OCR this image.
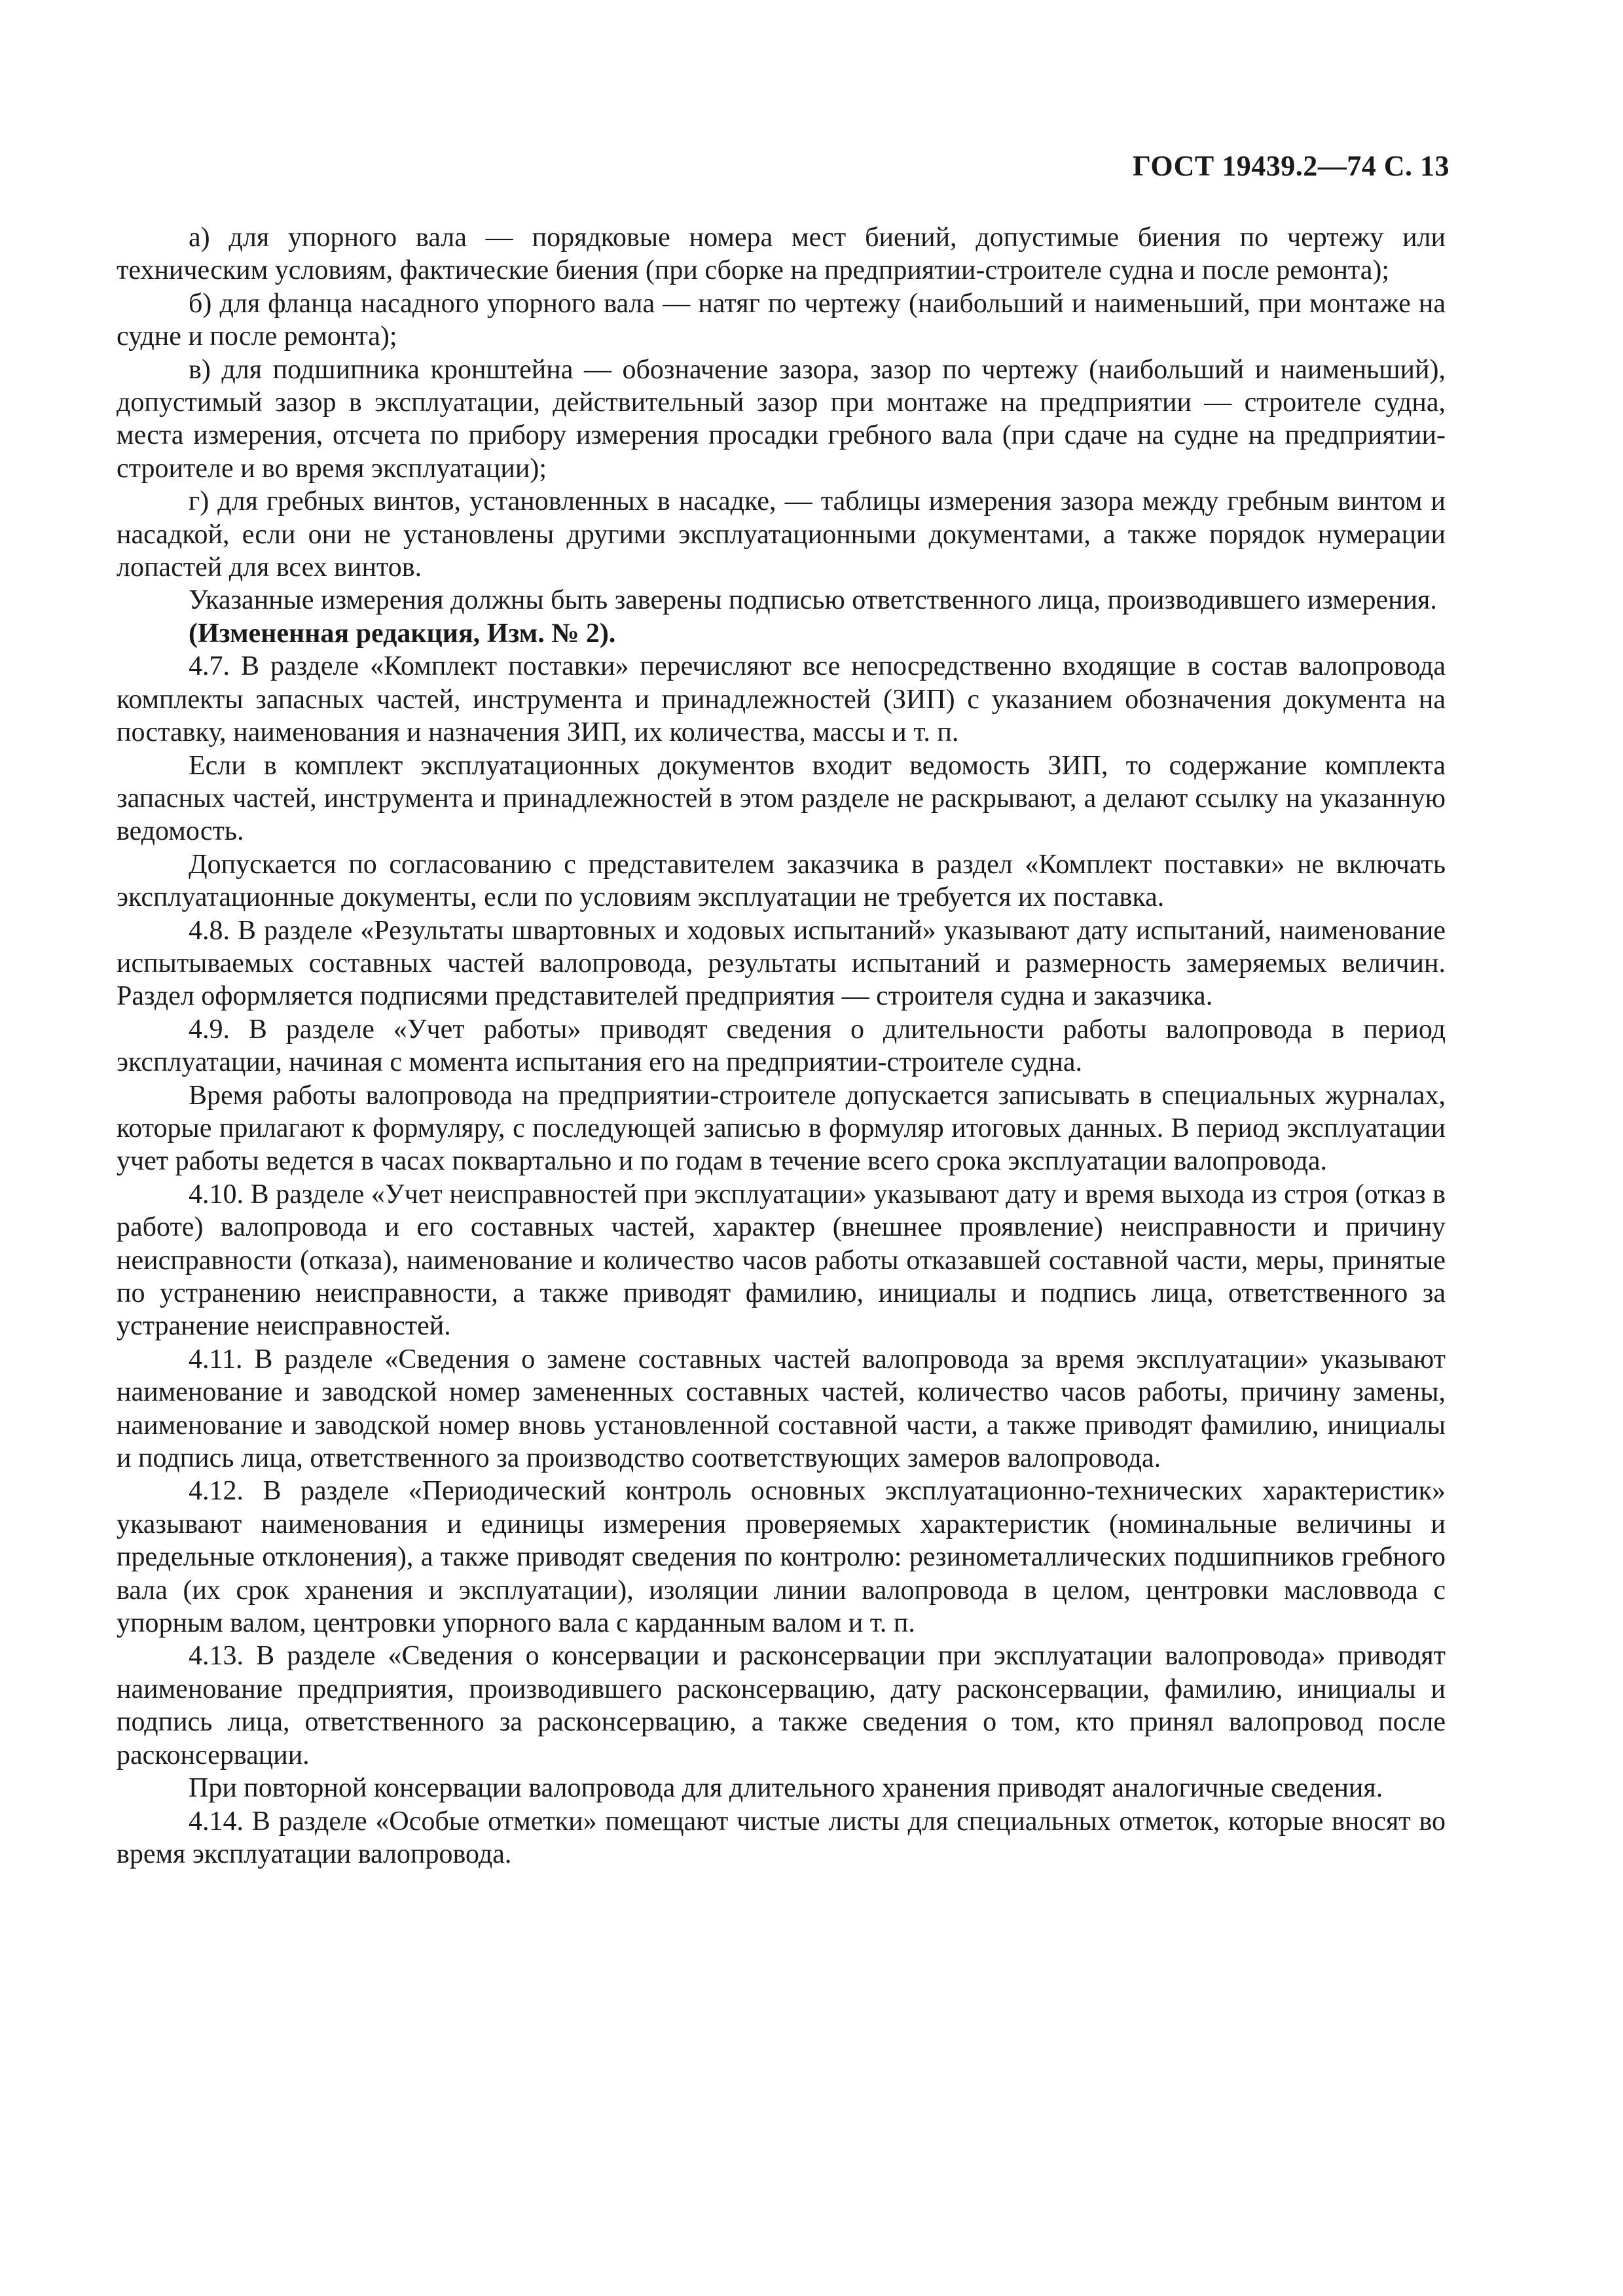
ГОСТ 19439.2—74 С. 13

а) для упорного вала — порядковые номера мест биений, допустимые биения по чертежу или техническим условиям, фактические биения (при сборке на предприятии-строителе судна и после ремонта);

б) для фланца насадного упорного вала — натяг по чертежу (наибольший и наименьший, при монтаже на судне и после ремонта);

в) для подшипника кронштейна — обозначение зазора, зазор по чертежу (наибольший и наименьший), допустимый зазор в эксплуатации, действительный зазор при монтаже на предприятии — строителе судна, места измерения, отсчета по прибору измерения просадки гребного вала (при сдаче на судне на предприятии-строителе и во время эксплуатации);

г) для гребных винтов, установленных в насадке, — таблицы измерения зазора между гребным винтом и насадкой, если они не установлены другими эксплуатационными документами, а также порядок нумерации лопастей для всех винтов.

Указанные измерения должны быть заверены подписью ответственного лица, производившего измерения.

(Измененная редакция, Изм. № 2).

4.7. В разделе «Комплект поставки» перечисляют все непосредственно входящие в состав валопровода комплекты запасных частей, инструмента и принадлежностей (ЗИП) с указанием обозначения документа на поставку, наименования и назначения ЗИП, их количества, массы и т. п.

Если в комплект эксплуатационных документов входит ведомость ЗИП, то содержание комплекта запасных частей, инструмента и принадлежностей в этом разделе не раскрывают, а делают ссылку на указанную ведомость.

Допускается по согласованию с представителем заказчика в раздел «Комплект поставки» не включать эксплуатационные документы, если по условиям эксплуатации не требуется их поставка.

4.8. В разделе «Результаты швартовных и ходовых испытаний» указывают дату испытаний, наименование испытываемых составных частей валопровода, результаты испытаний и размерность замеряемых величин. Раздел оформляется подписями представителей предприятия — строителя судна и заказчика.

4.9. В разделе «Учет работы» приводят сведения о длительности работы валопровода в период эксплуатации, начиная с момента испытания его на предприятии-строителе судна.

Время работы валопровода на предприятии-строителе допускается записывать в специальных журналах, которые прилагают к формуляру, с последующей записью в формуляр итоговых данных. В период эксплуатации учет работы ведется в часах поквартально и по годам в течение всего срока эксплуатации валопровода.

4.10. В разделе «Учет неисправностей при эксплуатации» указывают дату и время выхода из строя (отказ в работе) валопровода и его составных частей, характер (внешнее проявление) неисправности и причину неисправности (отказа), наименование и количество часов работы отказавшей составной части, меры, принятые по устранению неисправности, а также приводят фамилию, инициалы и подпись лица, ответственного за устранение неисправностей.

4.11. В разделе «Сведения о замене составных частей валопровода за время эксплуатации» указывают наименование и заводской номер замененных составных частей, количество часов работы, причину замены, наименование и заводской номер вновь установленной составной части, а также приводят фамилию, инициалы и подпись лица, ответственного за производство соответствующих замеров валопровода.

4.12. В разделе «Периодический контроль основных эксплуатационно-технических характеристик» указывают наименования и единицы измерения проверяемых характеристик (номинальные величины и предельные отклонения), а также приводят сведения по контролю: резинометаллических подшипников гребного вала (их срок хранения и эксплуатации), изоляции линии валопровода в целом, центровки масловвода с упорным валом, центровки упорного вала с карданным валом и т. п.

4.13. В разделе «Сведения о консервации и расконсервации при эксплуатации валопровода» приводят наименование предприятия, производившего расконсервацию, дату расконсервации, фамилию, инициалы и подпись лица, ответственного за расконсервацию, а также сведения о том, кто принял валопровод после расконсервации.

При повторной консервации валопровода для длительного хранения приводят аналогичные сведения.

4.14. В разделе «Особые отметки» помещают чистые листы для специальных отметок, которые вносят во время эксплуатации валопровода.
